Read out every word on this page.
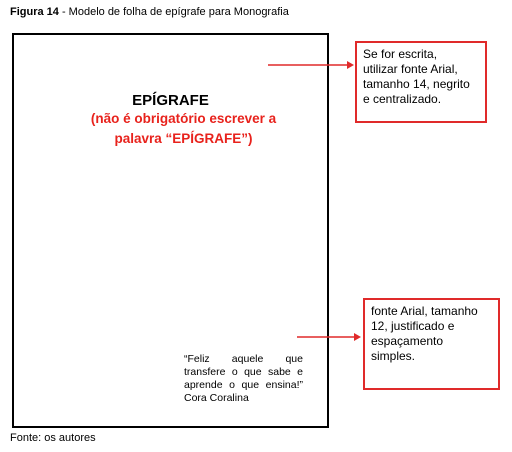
Figura 14 - Modelo de folha de epígrafe para Monografia
EPÍGRAFE
(não é obrigatório escrever a
palavra “EPÍGRAFE”)
“Feliz aquele que
transfere o que sabe e
aprende o que ensina!”
Cora Coralina
Se for escrita,
utilizar fonte Arial,
tamanho 14, negrito
e centralizado.
fonte Arial, tamanho
12, justificado e
espaçamento
simples.
Fonte: os autores
